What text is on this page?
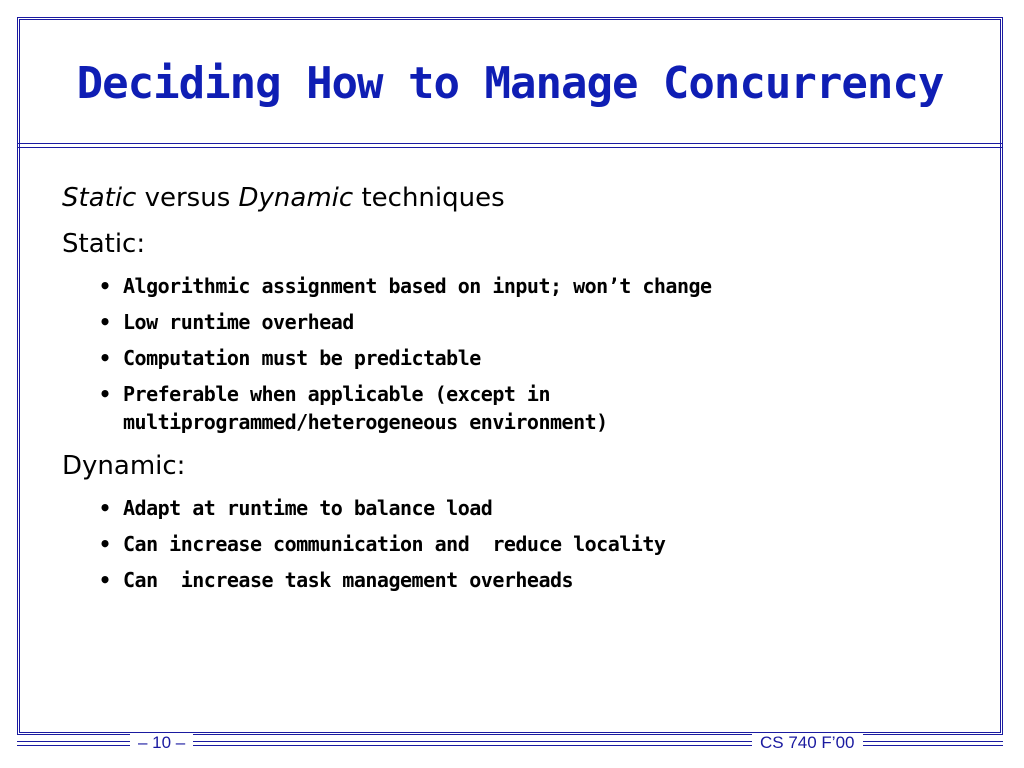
Deciding How to Manage Concurrency
Static versus Dynamic techniques
Static:
• Algorithmic assignment based on input; won’t change
• Low runtime overhead
• Computation must be predictable
• Preferable when applicable (except in multiprogrammed/heterogeneous environment)
Dynamic:
• Adapt at runtime to balance load
• Can increase communication and  reduce locality
• Can  increase task management overheads
– 10 –	CS 740 F’00
